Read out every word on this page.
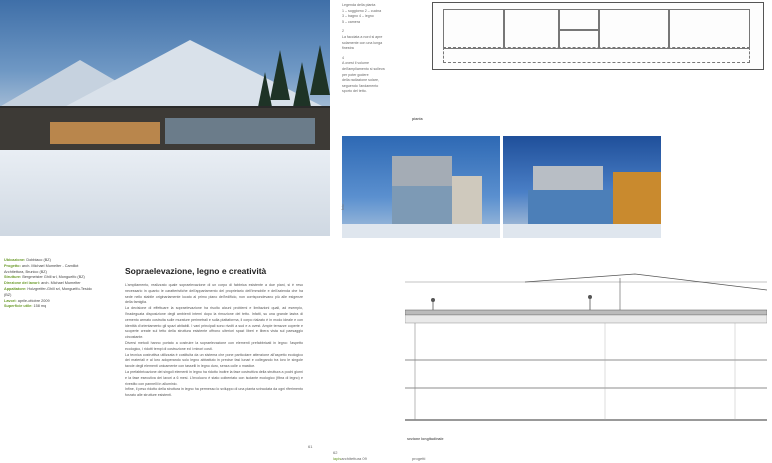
Legenda della pianta
1 – soggiorno 2 – cucina
3 – bagno 4 – legno
5 – camera
2
La facciata a nord si apre
solamente con una lunga
finestra
4
A ovest il volume
dell'ampliamento si solleva
per poter godere
della radiazione solare,
seguendo l'andamento
sporto del tetto.
pianta
foto: ...
Ubicazione: Dobbiaco (BZ)
Progetto: arch. Michael Mumelter - Camillot Architettura, Brunico (BZ)
Strutture: Bergmeister Ghill srl, Monguelfo (BZ)
Direzione dei lavori: arch. Michael Mumelter
Appaltatore: Holzgreifer-Ghill srl, Monguelfo-Tesido (BZ)
Lavori: aprile-ottobre 2009
Superficie utile: 158 mq
Sopraelevazione, legno e creatività

L'ampliamento, realizzato quale sopraelevazione di un corpo di fabbrica esistente a due piani, si è reso necessario in quanto le caratteristiche dell'appartamento del proprietario dell'immobile e dell'azienda che ha sede nello stabile originariamente locato al primo piano dell'edificio, non corrispondevano più alle esigenze della famiglia.

La decisione di effettuare la sopraelevazione ha risolto alcuni problemi e limitazioni quali, ad esempio, l'inadeguata disposizione degli ambienti interni dopo la rimozione del tetto. Infatti, su una grande lastra di cemento armato costruita sulle murature perimetrali e sulla piattaforma, il corpo rialzato è in modo ideale e con identità d'orientamento gli spazi abitabili. I vani principali sono rivolti a sud e a ovest. Ampie terrazze coperte e scoperte create sul tetto della struttura esistente offrono ulteriori spazi liberi e libera vista sul paesaggio circostante.

Diversi metodi hanno portato a costruire la sopraelevazione con elementi prefabbricati in legno: l'aspetto ecologico, i ridotti tempi di costruzione ed i minori costi.

La tecnica costruttiva utilizzata è costituita da un sistema che pone particolare attenzione all'aspetto ecologico dei materiali e al loro adoperando solo legno abbattuto in precise fasi lunari e collegando tra loro le singole tavole degli elementi unicamente con tasselli in legno duro, senza colle o mastice.

La prefabbricazione dei singoli elementi in legno ha ridotto inoltre la fase costruttiva della struttura a pochi giorni e la fase esecutiva dei lavori a 6 mesi. L'involucro è stato coibentato con isolante ecologico (fibra di legno) e rivestito con pannelli in alluminio.

Infine, il peso ridotto della struttura in legno ha permesso lo sviluppo di una pianta svincolata da ogni riferimento forzato alle strutture esistenti.

sezione longitudinale
61
62
lapisarchitettura 09	progetti
